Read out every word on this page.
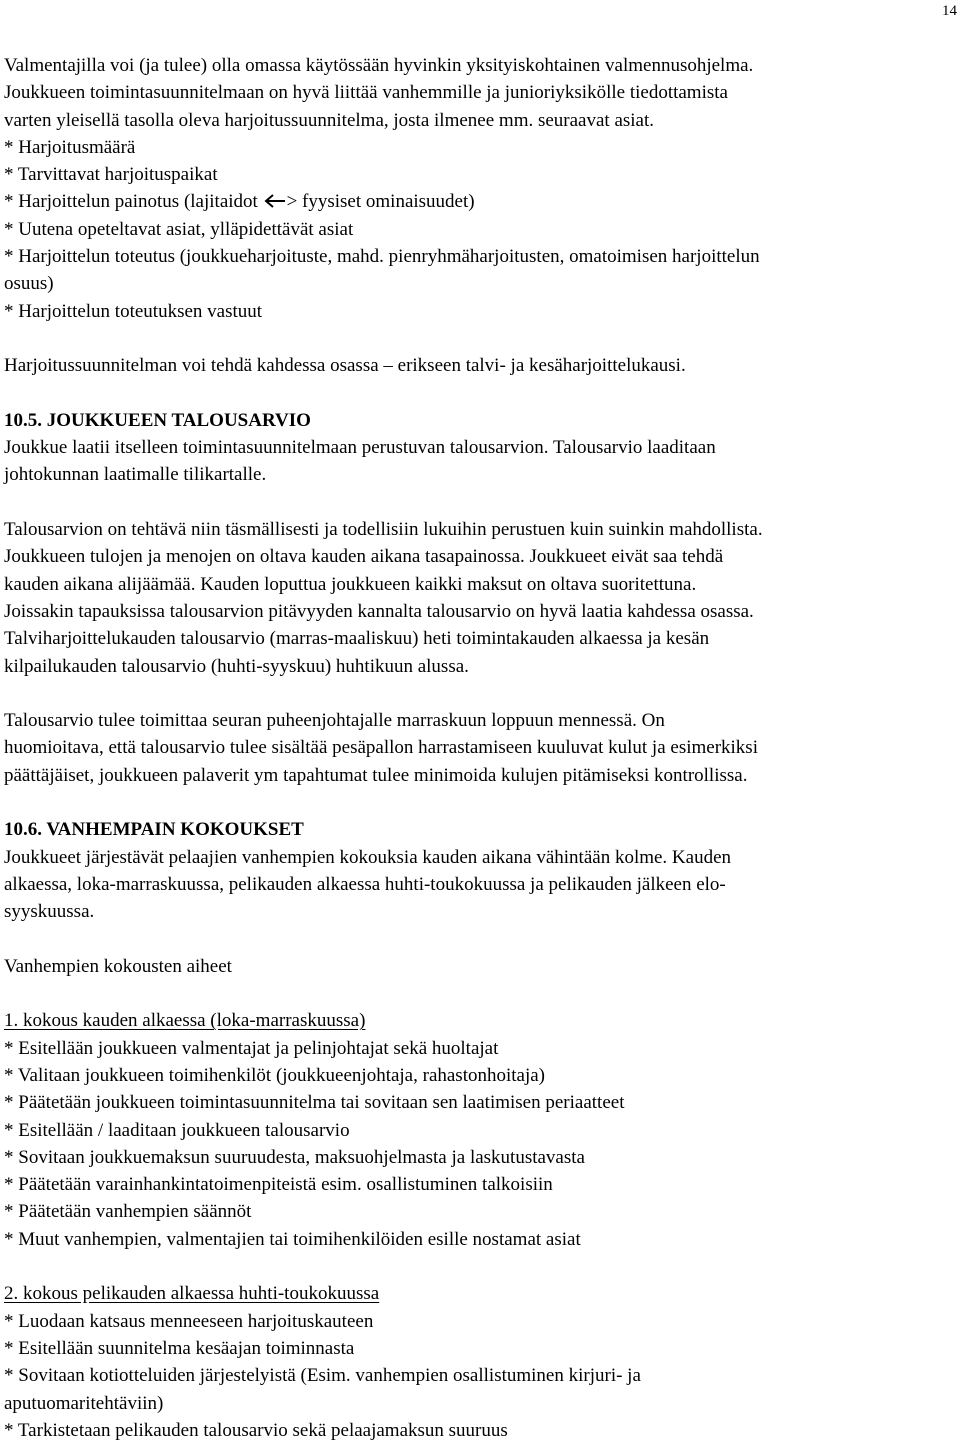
14
Valmentajilla voi (ja tulee) olla omassa käytössään hyvinkin yksityiskohtainen valmennusohjelma.
Joukkueen toimintasuunnitelmaan on hyvä liittää vanhemmille ja junioriyksikölle tiedottamista
varten yleisellä tasolla oleva harjoitussuunnitelma, josta ilmenee mm. seuraavat asiat.
* Harjoitusmäärä
* Tarvittavat harjoituspaikat
* Harjoittelun painotus (lajitaidot > fyysiset ominaisuudet)
* Uutena opeteltavat asiat, ylläpidettävät asiat
* Harjoittelun toteutus (joukkueharjoituste, mahd. pienryhmäharjoitusten, omatoimisen harjoittelun
osuus)
* Harjoittelun toteutuksen vastuut
Harjoitussuunnitelman voi tehdä kahdessa osassa – erikseen talvi- ja kesäharjoittelukausi.
10.5. JOUKKUEEN TALOUSARVIO
Joukkue laatii itselleen toimintasuunnitelmaan perustuvan talousarvion. Talousarvio laaditaan
johtokunnan laatimalle tilikartalle.
Talousarvion on tehtävä niin täsmällisesti ja todellisiin lukuihin perustuen kuin suinkin mahdollista.
Joukkueen tulojen ja menojen on oltava kauden aikana tasapainossa. Joukkueet eivät saa tehdä
kauden aikana alijäämää. Kauden loputtua joukkueen kaikki maksut on oltava suoritettuna.
Joissakin tapauksissa talousarvion pitävyyden kannalta talousarvio on hyvä laatia kahdessa osassa.
Talviharjoittelukauden talousarvio (marras-maaliskuu) heti toimintakauden alkaessa ja kesän
kilpailukauden talousarvio (huhti-syyskuu) huhtikuun alussa.
Talousarvio tulee toimittaa seuran puheenjohtajalle marraskuun loppuun mennessä. On
huomioitava, että talousarvio tulee sisältää pesäpallon harrastamiseen kuuluvat kulut ja esimerkiksi
päättäjäiset, joukkueen palaverit ym tapahtumat tulee minimoida kulujen pitämiseksi kontrollissa.
10.6. VANHEMPAIN KOKOUKSET
Joukkueet järjestävät pelaajien vanhempien kokouksia kauden aikana vähintään kolme. Kauden
alkaessa, loka-marraskuussa, pelikauden alkaessa huhti-toukokuussa ja pelikauden jälkeen elo-
syyskuussa.
Vanhempien kokousten aiheet
1. kokous kauden alkaessa (loka-marraskuussa)
* Esitellään joukkueen valmentajat ja pelinjohtajat sekä huoltajat
* Valitaan joukkueen toimihenkilöt (joukkueenjohtaja, rahastonhoitaja)
* Päätetään joukkueen toimintasuunnitelma tai sovitaan sen laatimisen periaatteet
* Esitellään / laaditaan joukkueen talousarvio
* Sovitaan joukkuemaksun suuruudesta, maksuohjelmasta ja laskutustavasta
* Päätetään varainhankintatoimenpiteistä esim. osallistuminen talkoisiin
* Päätetään vanhempien säännöt
* Muut vanhempien, valmentajien tai toimihenkilöiden esille nostamat asiat
2. kokous pelikauden alkaessa huhti-toukokuussa
* Luodaan katsaus menneeseen harjoituskauteen
* Esitellään suunnitelma kesäajan toiminnasta
* Sovitaan kotiotteluiden järjestelyistä (Esim. vanhempien osallistuminen kirjuri- ja
aputuomaritehtäviin)
* Tarkistetaan pelikauden talousarvio sekä pelaajamaksun suuruus
